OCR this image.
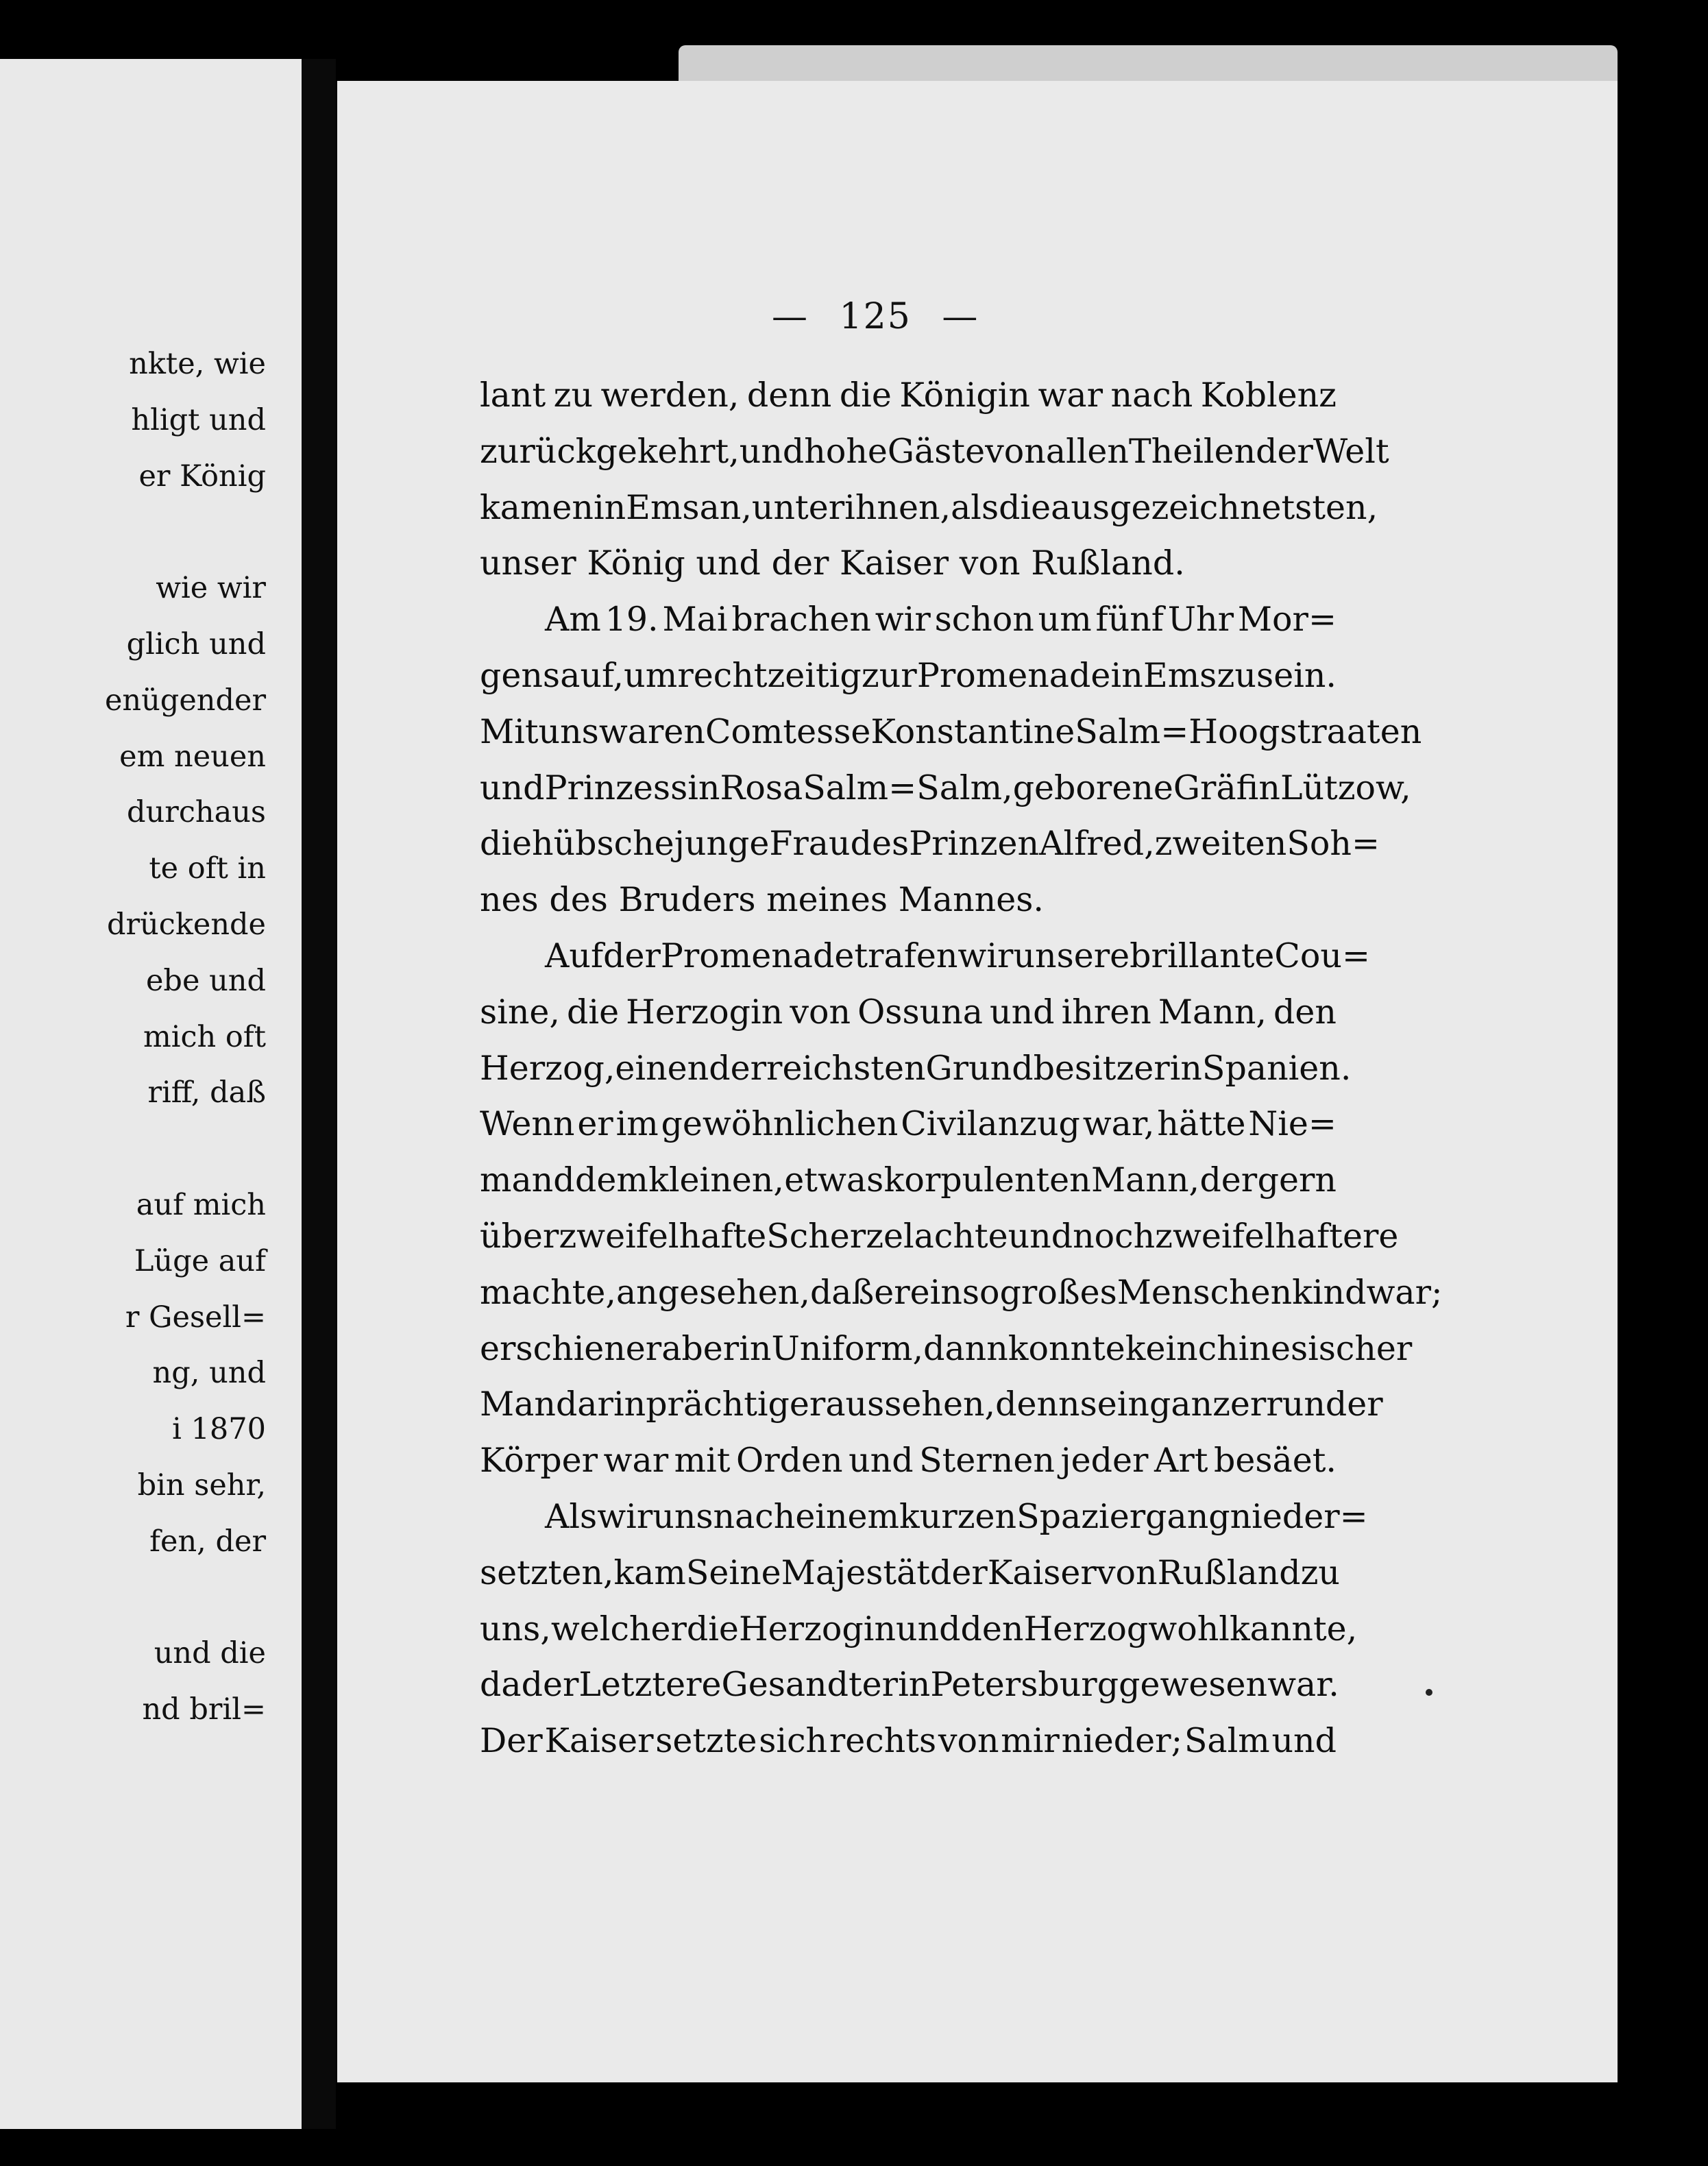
nkte, wie
hligt und
er König
wie wir
glich und
enügender
em neuen
durchaus
te oft in
drückende
ebe und
mich oft
riff, daß
auf mich
Lüge auf
r Gesell=
ng, und
i 1870
bin sehr,
fen, der
und die
nd bril=
— 125 —
lant zu werden, denn die Königin war nach Koblenz
zurückgekehrt, und hohe Gäste von allen Theilen der Welt
kamen in Ems an, unter ihnen, als die ausgezeichnetsten,
unser König und der Kaiser von Rußland.
Am 19. Mai brachen wir schon um fünf Uhr Mor=
gens auf, um rechtzeitig zur Promenade in Ems zu sein.
Mit uns waren Comtesse Konstantine Salm=Hoogstraaten
und Prinzessin Rosa Salm=Salm, geborene Gräfin Lützow,
die hübsche junge Frau des Prinzen Alfred, zweiten Soh=
nes des Bruders meines Mannes.
Auf der Promenade trafen wir unsere brillante Cou=
sine, die Herzogin von Ossuna und ihren Mann, den
Herzog, einen der reichsten Grundbesitzer in Spanien.
Wenn er im gewöhnlichen Civilanzug war, hätte Nie=
mand dem kleinen, etwas korpulenten Mann, der gern
über zweifelhafte Scherze lachte und noch zweifelhaftere
machte, angesehen, daß er ein so großes Menschenkind war;
erschien er aber in Uniform, dann konnte kein chinesischer
Mandarin prächtiger aussehen, denn sein ganzer runder
Körper war mit Orden und Sternen jeder Art besäet.
Als wir uns nach einem kurzen Spaziergang nieder=
setzten, kam Seine Majestät der Kaiser von Rußland zu
uns, welcher die Herzogin und den Herzog wohl kannte,
da der Letztere Gesandter in Petersburg gewesen war.
Der Kaiser setzte sich rechts von mir nieder; Salm und
